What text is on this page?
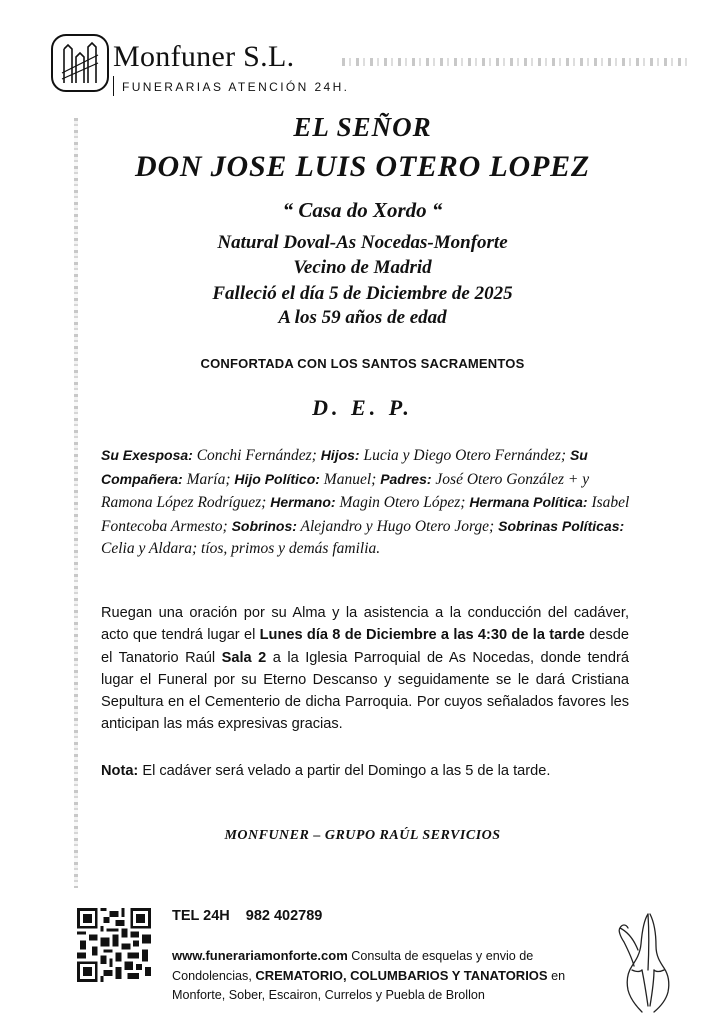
Monfuner S.L.
FUNERARIAS ATENCIÓN 24H.
EL SEÑOR
DON JOSE LUIS OTERO LOPEZ
“ Casa do Xordo “
Natural Doval-As Nocedas-Monforte
Vecino de Madrid
Falleció el día 5 de Diciembre de 2025
A los 59 años de edad
CONFORTADA CON LOS SANTOS SACRAMENTOS
D. E. P.
Su Exesposa: Conchi Fernández; Hijos: Lucia y Diego Otero Fernández; Su Compañera: María; Hijo Político: Manuel; Padres: José Otero González + y Ramona López Rodríguez; Hermano: Magin Otero López; Hermana Política: Isabel Fontecoba Armesto; Sobrinos: Alejandro y Hugo Otero Jorge; Sobrinas Políticas: Celia y Aldara; tíos, primos y demás familia.
Ruegan una oración por su Alma y la asistencia a la conducción del cadáver, acto que tendrá lugar el Lunes día 8 de Diciembre a las 4:30 de la tarde desde el Tanatorio Raúl Sala 2 a la Iglesia Parroquial de As Nocedas, donde tendrá lugar el Funeral por su Eterno Descanso y seguidamente se le dará Cristiana Sepultura en el Cementerio de dicha Parroquia. Por cuyos señalados favores les anticipan las más expresivas gracias.
Nota: El cadáver será velado a partir del Domingo a las 5 de la tarde.
MONFUNER – GRUPO RAÚL SERVICIOS
TEL 24H 982 402789
www.funerariamonforte.com Consulta de esquelas y envio de Condolencias, CREMATORIO, COLUMBARIOS Y TANATORIOS en Monforte, Sober, Escairon, Currelos y Puebla de Brollon
